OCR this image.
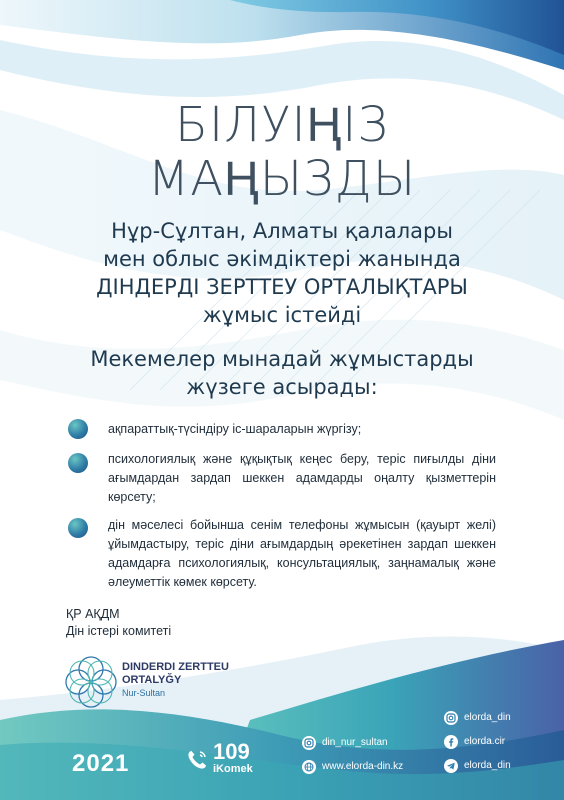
БІЛУІҢІЗ
МАҢЫЗДЫ
Нұр-Сұлтан, Алматы қалалары
мен облыс әкімдіктері жанында
ДІНДЕРДІ ЗЕРТТЕУ ОРТАЛЫҚТАРЫ
жұмыс істейді
Мекемелер мынадай жұмыстарды
жүзеге асырады:
ақпараттық-түсіндіру іс-шараларын жүргізу;
психологиялық және құқықтық кеңес беру, теріс пиғылды діни ағымдардан зардап шеккен адамдарды оңалту қызметтерін көрсету;
дін мәселесі бойынша сенім телефоны жұмысын (қауырт желі) ұйымдастыру, теріс діни ағымдардың әрекетінен зардап шеккен адамдарға психологиялық, консультациялық, заңнамалық және әлеуметтік көмек көрсету.
ҚР АҚДМ
Дін істері комитеті
DINDERDI ZERTTEU
ORTALYĞY
Nur-Sultan
2021	109
iKomek
din_nur_sultan
www.elorda-din.kz
elorda_din
elorda.cir
elorda_din
